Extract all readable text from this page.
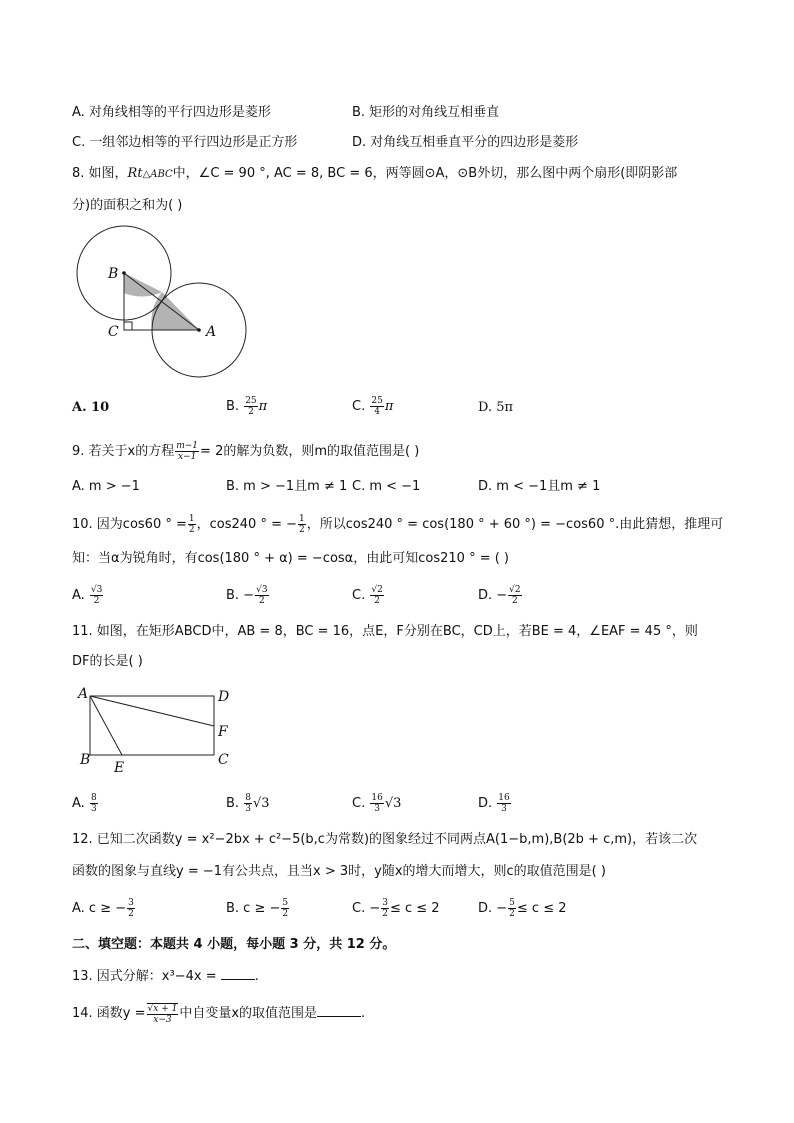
A. 对角线相等的平行四边形是菱形	B. 矩形的对角线互相垂直
C. 一组邻边相等的平行四边形是正方形	D. 对角线互相垂直平分的四边形是菱形
8. 如图，Rt△ABC中，∠C = 90 °, AC = 8, BC = 6，两等圆⊙A，⊙B外切，那么图中两个扇形(即阴影部
分)的面积之和为( )
B
C	A
A. 10	B. $\frac{25}{2}$ π	C. $\frac{25}{4}$ π	D. 5π
9. 若关于x的方程 $\frac{m-1}{x-1} = 2$的解为负数，则m的取值范围是( )
A. m > −1	B. m > −1且m ≠ 1 C. m < −1	D. m < −1且m ≠ 1
10. 因为cos60 ° = $\frac{1}{2}$ ，cos240 ° = − $\frac{1}{2}$ ，所以cos240 ° = cos(180 ° + 60 °) = −cos60 °.由此猜想，推理可
知：当α为锐角时，有cos(180 ° + α) = −cosα，由此可知cos210 ° = ( )
A. $\frac{√3}{2}$	B. − $\frac{√3}{2}$	C. $\frac{√2}{2}$	D. − $\frac{√2}{2}$
11. 如图，在矩形ABCD中，AB = 8，BC = 16，点E，F分别在BC，CD上，若BE = 4，∠EAF = 45 °，则
DF的长是( )
A	D
F
B E	C
A. $\frac{8}{3}$	B. $\frac{8}{3} √3$	C. $\frac{16}{3} √3$	D. $\frac{16}{3}$
12. 已知二次函数y = x²−2bx + c²−5(b,c为常数)的图象经过不同两点A(1−b,m),B(2b + c,m)，若该二次
函数的图象与直线y = −1有公共点，且当x > 3时，y随x的增大而增大，则c的取值范围是( )
A. c ≥ − $\frac{3}{2}$	B. c ≥ − $\frac{5}{2}$	C. − $\frac{3}{2} \le c \le 2$	D. − $\frac{5}{2} \le c \le 2$
二、填空题：本题共 4 小题，每小题 3 分，共 12 分。
13. 因式分解：x³−4x =	.
14. 函数$y = \frac{√x + 1}{x-3}$ 中自变量x的取值范围是	.
